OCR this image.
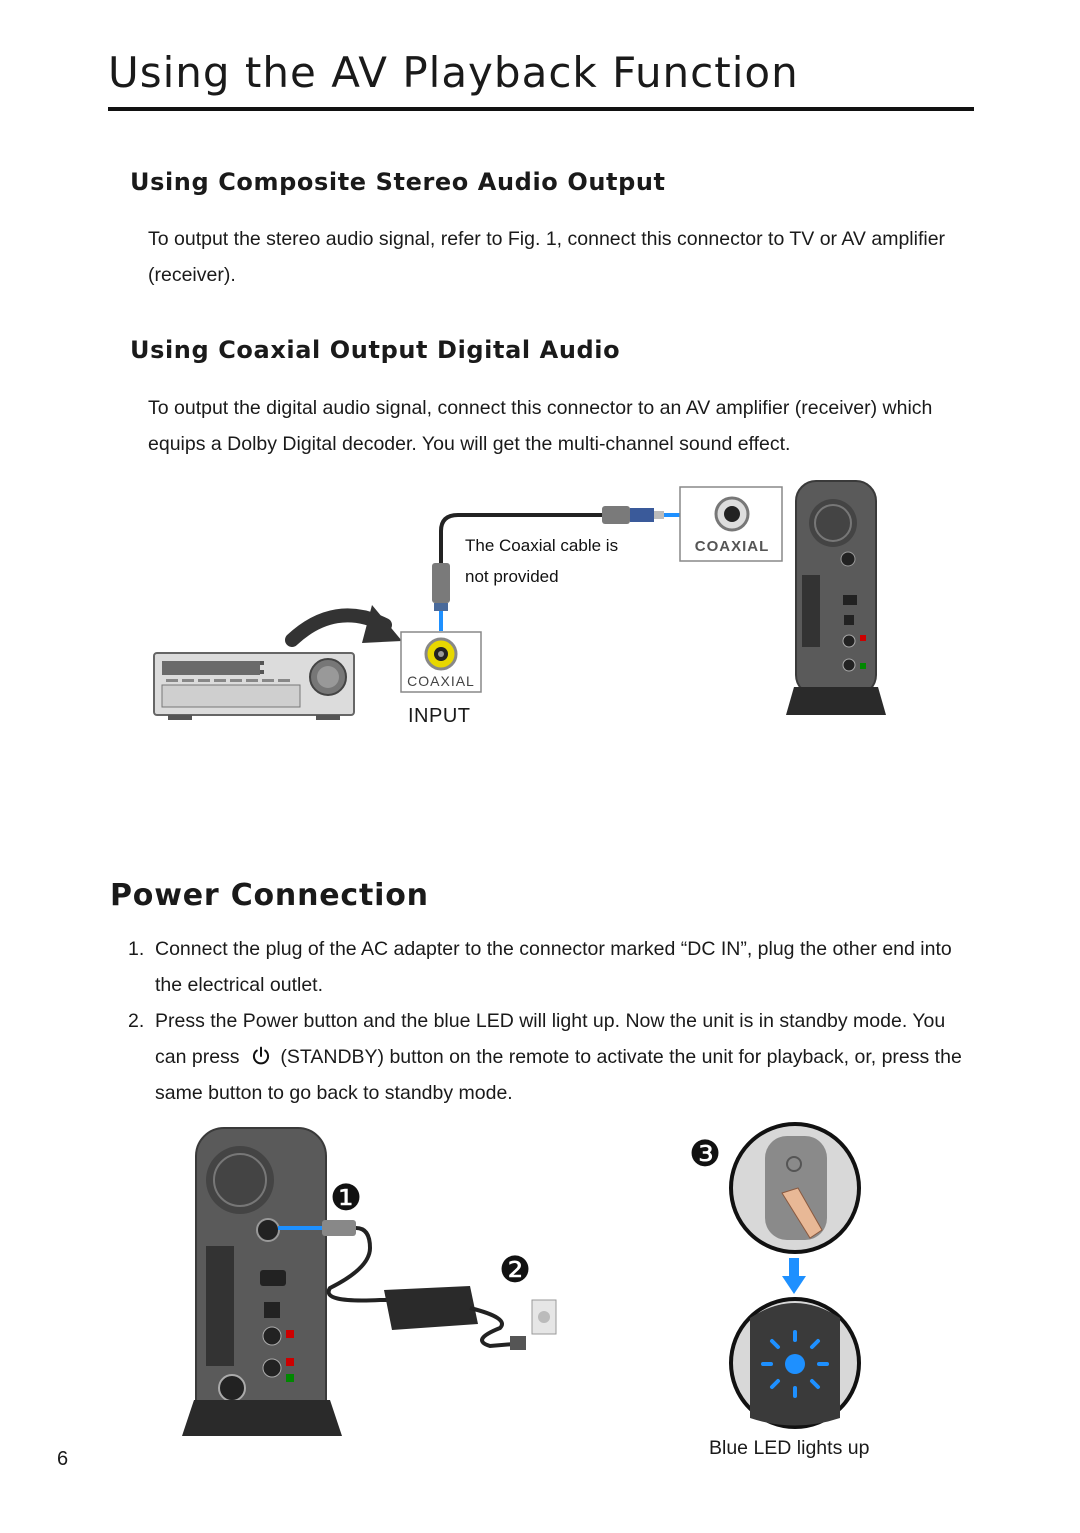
Using the AV Playback Function
Using Composite Stereo Audio Output

To output the stereo audio signal, refer to Fig. 1, connect this connector to TV or AV amplifier (receiver).

Using Coaxial Output Digital Audio

To output the digital audio signal, connect this connector to an AV amplifier (receiver) which equips a Dolby Digital decoder. You will get the multi-channel sound effect.

COAXIAL
The Coaxial cable is
not provided
COAXIAL
INPUT
Power Connection
1. Connect the plug of the AC adapter to the connector marked “DC IN”, plug the other end into the electrical outlet.
2. Press the Power button and the blue LED will light up. Now the unit is in standby mode. You can press (STANDBY) button on the remote to activate the unit for playback, or, press the same button to go back to standby mode.
❶
❷
❸
Blue LED lights up
6
